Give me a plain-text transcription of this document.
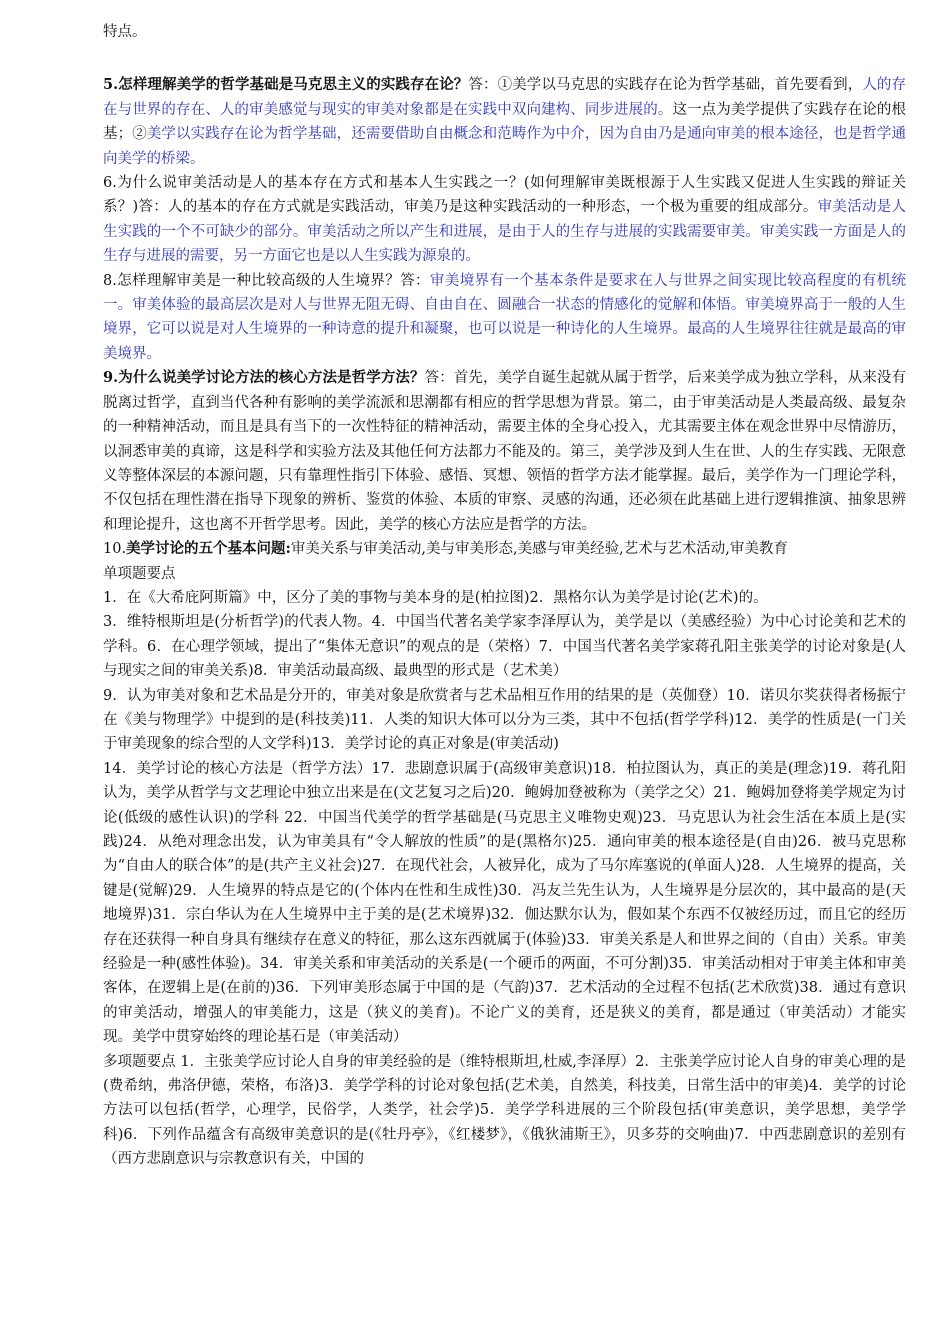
特点。

5.怎样理解美学的哲学基础是马克思主义的实践存在论？答：①美学以马克思的实践存在论为哲学基础，首先要看到，人的存在与世界的存在、人的审美感觉与现实的审美对象都是在实践中双向建构、同步进展的。这一点为美学提供了实践存在论的根基；②美学以实践存在论为哲学基础，还需要借助自由概念和范畴作为中介，因为自由乃是通向审美的根本途径，也是哲学通向美学的桥梁。

6.为什么说审美活动是人的基本存在方式和基本人生实践之一？(如何理解审美既根源于人生实践又促进人生实践的辩证关系？)答：人的基本的存在方式就是实践活动，审美乃是这种实践活动的一种形态，一个极为重要的组成部分。审美活动是人生实践的一个不可缺少的部分。审美活动之所以产生和进展，是由于人的生存与进展的实践需要审美。审美实践一方面是人的生存与进展的需要，另一方面它也是以人生实践为源泉的。

8.怎样理解审美是一种比较高级的人生境界？答：审美境界有一个基本条件是要求在人与世界之间实现比较高程度的有机统一。审美体验的最高层次是对人与世界无阻无碍、自由自在、圆融合一状态的情感化的觉解和体悟。审美境界高于一般的人生境界，它可以说是对人生境界的一种诗意的提升和凝聚，也可以说是一种诗化的人生境界。最高的人生境界往往就是最高的审美境界。

9.为什么说美学讨论方法的核心方法是哲学方法？答：首先，美学自诞生起就从属于哲学，后来美学成为独立学科，从来没有脱离过哲学，直到当代各种有影响的美学流派和思潮都有相应的哲学思想为背景。第二，由于审美活动是人类最高级、最复杂的一种精神活动，而且是具有当下的一次性特征的精神活动，需要主体的全身心投入，尤其需要主体在观念世界中尽情游历，以洞悉审美的真谛，这是科学和实验方法及其他任何方法都力不能及的。第三，美学涉及到人生在世、人的生存实践、无限意义等整体深层的本源问题，只有靠理性指引下体验、感悟、冥想、领悟的哲学方法才能掌握。最后，美学作为一门理论学科，不仅包括在理性潜在指导下现象的辨析、鉴赏的体验、本质的审察、灵感的沟通，还必须在此基础上进行逻辑推演、抽象思辨和理论提升，这也离不开哲学思考。因此，美学的核心方法应是哲学的方法。

10.美学讨论的五个基本问题:审美关系与审美活动,美与审美形态,美感与审美经验,艺术与艺术活动,审美教育

单项题要点

1．在《大希庇阿斯篇》中，区分了美的事物与美本身的是(柏拉图)2．黑格尔认为美学是讨论(艺术)的。

3．维特根斯坦是(分析哲学)的代表人物。4．中国当代著名美学家李泽厚认为，美学是以（美感经验）为中心讨论美和艺术的学科。6．在心理学领域，提出了“集体无意识”的观点的是（荣格）7．中国当代著名美学家蒋孔阳主张美学的讨论对象是(人与现实之间的审美关系)8．审美活动最高级、最典型的形式是（艺术美）

9．认为审美对象和艺术品是分开的，审美对象是欣赏者与艺术品相互作用的结果的是（英伽登）10．诺贝尔奖获得者杨振宁在《美与物理学》中提到的是(科技美)11．人类的知识大体可以分为三类，其中不包括(哲学学科)12．美学的性质是(一门关于审美现象的综合型的人文学科)13．美学讨论的真正对象是(审美活动)

14．美学讨论的核心方法是（哲学方法）17．悲剧意识属于(高级审美意识)18．柏拉图认为，真正的美是(理念)19．蒋孔阳认为，美学从哲学与文艺理论中独立出来是在(文艺复习之后)20．鲍姆加登被称为（美学之父）21．鲍姆加登将美学规定为讨论(低级的感性认识)的学科 22．中国当代美学的哲学基础是(马克思主义唯物史观)23．马克思认为社会生活在本质上是(实践)24．从绝对理念出发，认为审美具有“令人解放的性质”的是(黑格尔)25．通向审美的根本途径是(自由)26．被马克思称为“自由人的联合体”的是(共产主义社会)27．在现代社会，人被异化，成为了马尔库塞说的(单面人)28．人生境界的提高，关键是(觉解)29．人生境界的特点是它的(个体内在性和生成性)30．冯友兰先生认为，人生境界是分层次的，其中最高的是(天地境界)31．宗白华认为在人生境界中主于美的是(艺术境界)32．伽达默尔认为，假如某个东西不仅被经历过，而且它的经历存在还获得一种自身具有继续存在意义的特征，那么这东西就属于(体验)33．审美关系是人和世界之间的（自由）关系。审美经验是一种(感性体验)。34．审美关系和审美活动的关系是(一个硬币的两面，不可分割)35．审美活动相对于审美主体和审美客体，在逻辑上是(在前的)36．下列审美形态属于中国的是（气韵)37．艺术活动的全过程不包括(艺术欣赏)38．通过有意识的审美活动，增强人的审美能力，这是（狭义的美育)。不论广义的美育，还是狭义的美育，都是通过（审美活动）才能实现。美学中贯穿始终的理论基石是（审美活动）

多项题要点 1．主张美学应讨论人自身的审美经验的是（维特根斯坦,杜威,李泽厚）2．主张美学应讨论人自身的审美心理的是(费希纳，弗洛伊德，荣格，布洛)3．美学学科的讨论对象包括(艺术美，自然美，科技美，日常生活中的审美)4．美学的讨论方法可以包括(哲学，心理学，民俗学，人类学，社会学)5．美学学科进展的三个阶段包括(审美意识，美学思想，美学学科)6．下列作品蕴含有高级审美意识的是(《牡丹亭》，《红楼梦》，《俄狄浦斯王》，贝多芬的交响曲)7．中西悲剧意识的差别有（西方悲剧意识与宗教意识有关，中国的
